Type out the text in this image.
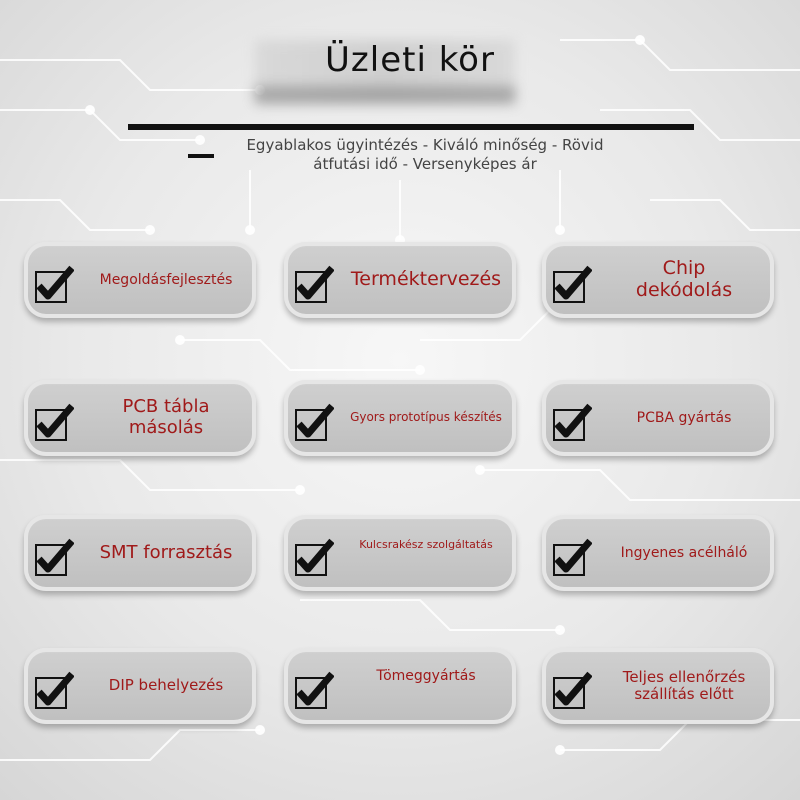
Üzleti kör
Egyablakos ügyintézés - Kiváló minőség - Rövid
átfutási idő - Versenyképes ár
Megoldásfejlesztés	Terméktervezés	Chip dekódolás
PCB tábla másolás	Gyors prototípus készítés	PCBA gyártás
SMT forrasztás	Kulcsrakész szolgáltatás
Ingyenes acélháló
DIP behelyezés
Tömeggyártás	Teljes ellenőrzés szállítás előtt
